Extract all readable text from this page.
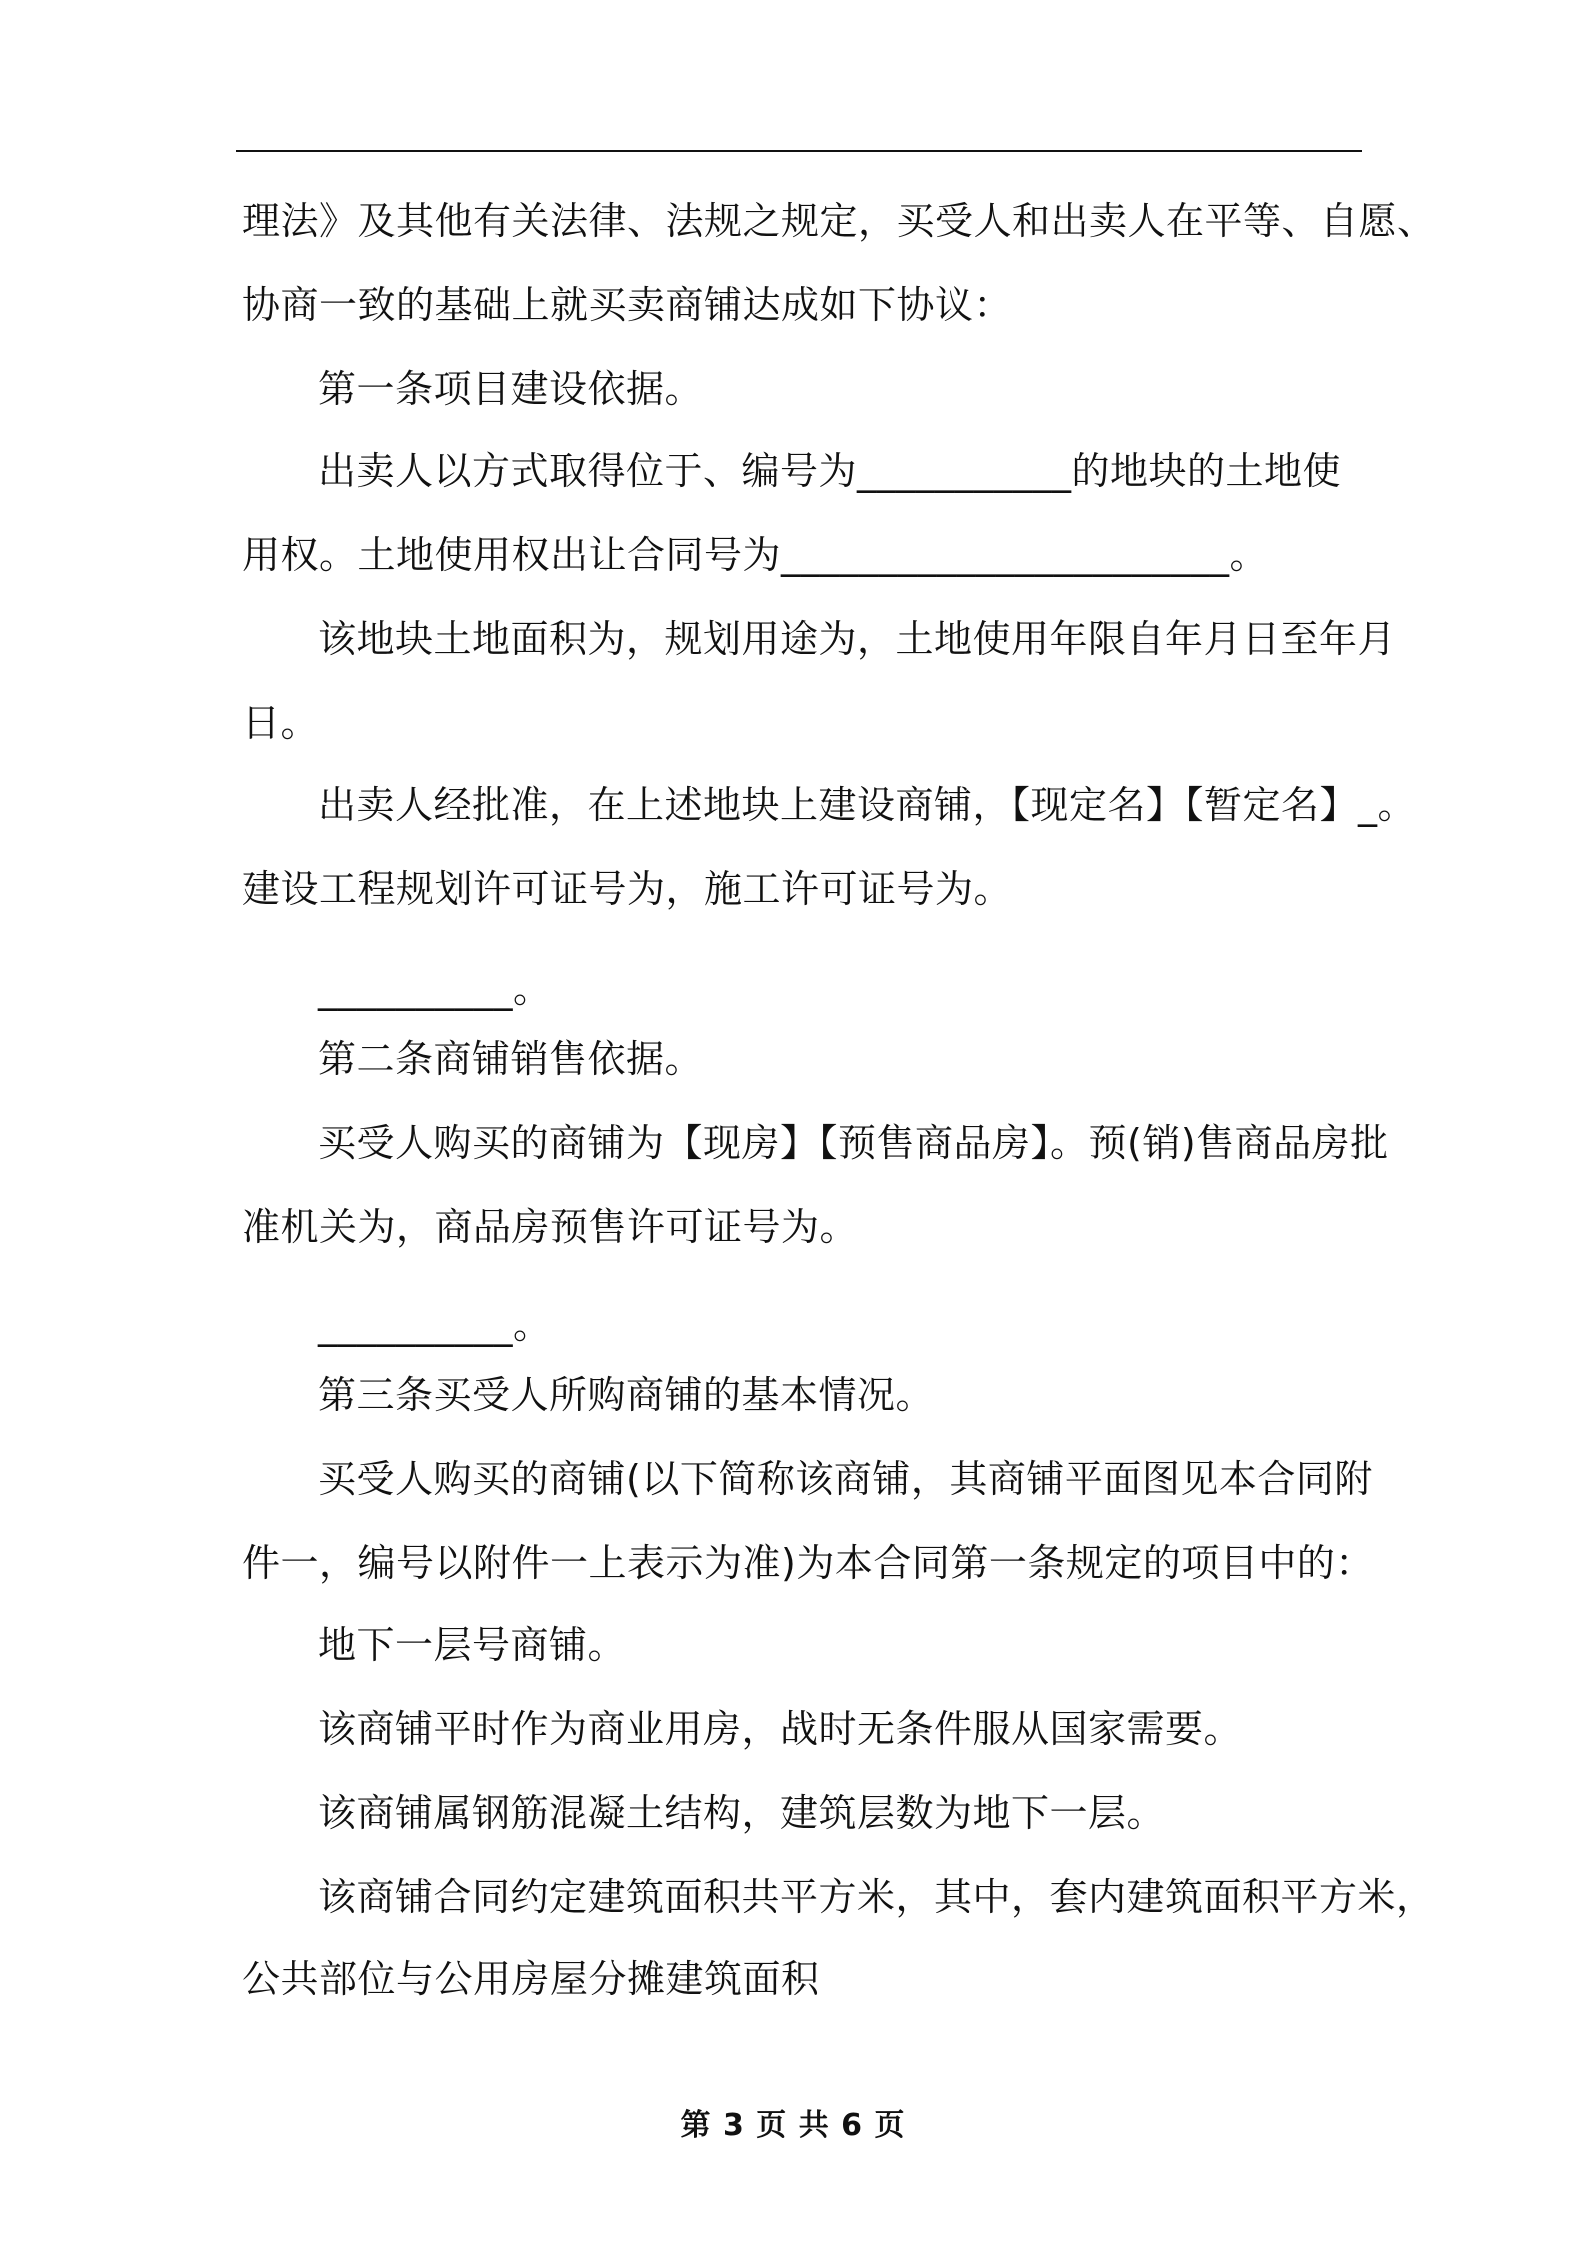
理法》及其他有关法律、法规之规定，买受人和出卖人在平等、自愿、
协商一致的基础上就买卖商铺达成如下协议：
第一条项目建设依据。
出卖人以方式取得位于、编号为___________的地块的土地使
用权。土地使用权出让合同号为_______________________。
该地块土地面积为，规划用途为，土地使用年限自年月日至年月
日。
出卖人经批准，在上述地块上建设商铺，【现定名】【暂定名】_。
建设工程规划许可证号为，施工许可证号为。
__________。
第二条商铺销售依据。
买受人购买的商铺为【现房】【预售商品房】。预(销)售商品房批
准机关为，商品房预售许可证号为。
__________。
第三条买受人所购商铺的基本情况。
买受人购买的商铺(以下简称该商铺，其商铺平面图见本合同附
件一，编号以附件一上表示为准)为本合同第一条规定的项目中的：
地下一层号商铺。
该商铺平时作为商业用房，战时无条件服从国家需要。
该商铺属钢筋混凝土结构，建筑层数为地下一层。
该商铺合同约定建筑面积共平方米，其中，套内建筑面积平方米，
公共部位与公用房屋分摊建筑面积
第 3 页 共 6 页
